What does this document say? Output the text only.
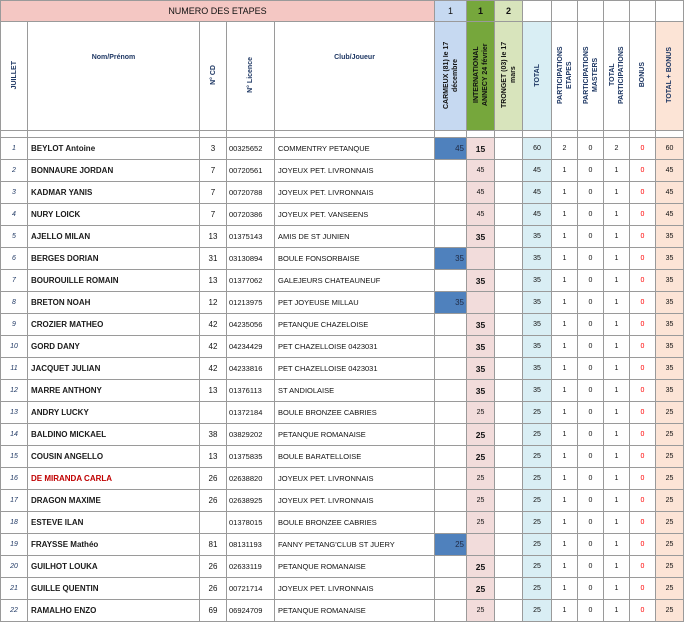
NUMERO DES ETAPES					1	1	2						
JUILLET	Nom/Prénom	N° CD	N° Licence	Club/Joueur	CARMEUX (81) le 17 décembre	INTERNATIONAL ANNECY 24 février	TRONGET (03) le 17 mars	TOTAL	PARTICIPATIONS ETAPES	PARTICIPATIONS MASTERS	TOTAL PARTICIPATIONS	BONUS	TOTAL + BONUS

1	BEYLOT Antoine	3	00325652	COMMENTRY PETANQUE	45	15		60	2	0	2	0	60
2	BONNAURE JORDAN	7	00720561	JOYEUX PET. LIVRONNAIS		45		45	1	0	1	0	45
3	KADMAR YANIS	7	00720788	JOYEUX PET. LIVRONNAIS		45		45	1	0	1	0	45
4	NURY LOICK	7	00720386	JOYEUX PET. VANSEENS		45		45	1	0	1	0	45
5	AJELLO MILAN	13	01375143	AMIS DE ST JUNIEN		35		35	1	0	1	0	35
6	BERGES DORIAN	31	03130894	BOULE FONSORBAISE	35			35	1	0	1	0	35
7	BOUROUILLE ROMAIN	13	01377062	GALEJEURS CHATEAUNEUF		35		35	1	0	1	0	35
8	BRETON NOAH	12	01213975	PET JOYEUSE MILLAU	35			35	1	0	1	0	35
9	CROZIER MATHEO	42	04235056	PETANQUE CHAZELOISE		35		35	1	0	1	0	35
10	GORD DANY	42	04234429	PET CHAZELLOISE 0423031		35		35	1	0	1	0	35
11	JACQUET JULIAN	42	04233816	PET CHAZELLOISE 0423031		35		35	1	0	1	0	35
12	MARRE ANTHONY	13	01376113	ST ANDIOLAISE		35		35	1	0	1	0	35
13	ANDRY LUCKY		01372184	BOULE BRONZEE CABRIES		25		25	1	0	1	0	25
14	BALDINO MICKAEL	38	03829202	PETANQUE ROMANAISE		25		25	1	0	1	0	25
15	COUSIN ANGELLO	13	01375835	BOULE BARATELLOISE		25		25	1	0	1	0	25
16	DE MIRANDA CARLA	26	02638820	JOYEUX PET. LIVRONNAIS		25		25	1	0	1	0	25
17	DRAGON MAXIME	26	02638925	JOYEUX PET. LIVRONNAIS		25		25	1	0	1	0	25
18	ESTEVE ILAN		01378015	BOULE BRONZEE CABRIES		25		25	1	0	1	0	25
19	FRAYSSE Mathéo	81	08131193	FANNY PETANG'CLUB ST JUERY	25			25	1	0	1	0	25
20	GUILHOT LOUKA	26	02633119	PETANQUE ROMANAISE		25		25	1	0	1	0	25
21	GUILLE QUENTIN	26	00721714	JOYEUX PET. LIVRONNAIS		25		25	1	0	1	0	25
22	RAMALHO ENZO	69	06924709	PETANQUE ROMANAISE		25		25	1	0	1	0	25
